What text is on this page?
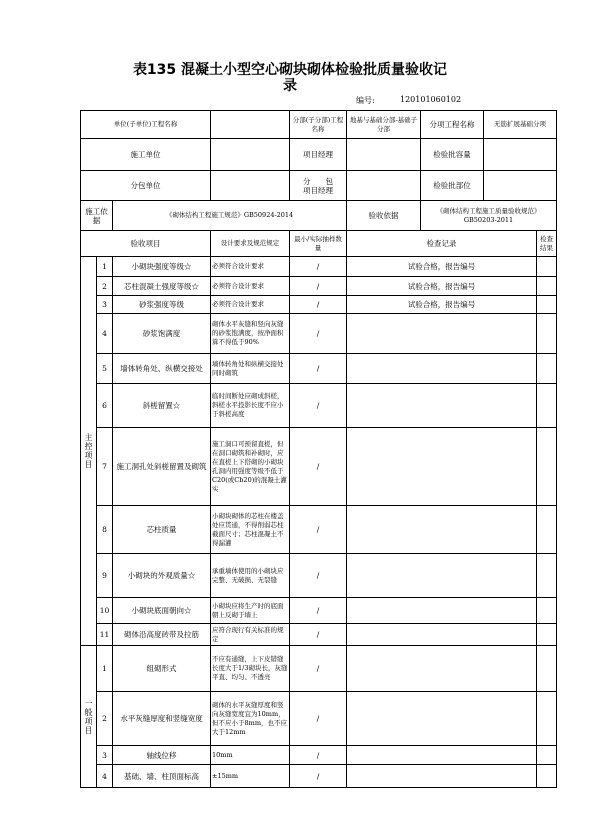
表135 混凝土小型空心砌块砌体检验批质量验收记
录
编号:	120101060102
单位(子单位)工程名称				分部(子分部)工程名称	地基与基础分部-基础子分部	分项工程名称	无筋扩展基础分项	
施工单位				项目经理		检验批容量		
分包单位				分　　包
项目经理		检验批部位		
施工依据		《砌体结构工程施工规范》GB50924-2014			验收依据	《砌体结构工程施工质量验收规范》GB50203-2011		
验收项目			设计要求及规范规定	最小/实际抽样数量	检查记录			检查结果

主控项目	1	小砌块强度等级☆	必须符合设计要求	/	试验合格，报告编号			
	2	芯柱混凝土强度等级☆	必须符合设计要求	/	试验合格，报告编号			
	3	砂浆强度等级	必须符合设计要求	/	试验合格，报告编号			
	4	砂浆饱满度	砌体水平灰缝和竖向灰缝的砂浆饱满度，按净面积算不得低于90%	/				
	5	墙体转角处、纵横交接处	墙体转角处和纵横交接处同时砌筑	/				
	6	斜槎留置☆	临时间断处应砌成斜槎，斜槎水平投影长度不应小于斜槎高度	/				
	7	施工洞孔处斜槎留置及砌筑	施工洞口可预留直槎，但在洞口砌筑和补砌时，应在直槎上下搭砌的小砌块孔洞内用强度等级不低于C20(或Cb20)的混凝土灌实	/				
	8	芯柱质量	小砌块砌体的芯柱在楼盖处应贯通，不得削弱芯柱截面尺寸；芯柱混凝土不得漏灌	/				
	9	小砌块的外观质量☆	承重墙体使用的小砌块应完整、无破损、无裂缝	/				
	10	小砌块底面朝向☆	小砌块应将生产时的底面朝上反砌于墙上	/				
	11	砌体沿高度砖带及拉筋	应符合现行有关标准的规定	/				

一般项目	1	组砌形式	不应有通缝，上下皮错缝长度大于1/3砌块长，灰缝平直、均匀、不透亮	/				
	2	水平灰缝厚度和竖缝宽度	砌体的水平灰缝厚度和竖向灰缝宽度宜为10mm，但不应小于8mm，也不应大于12mm	/				
	3	轴线位移	10mm	/				
	4	基础、墙、柱顶面标高	±15mm	/				
